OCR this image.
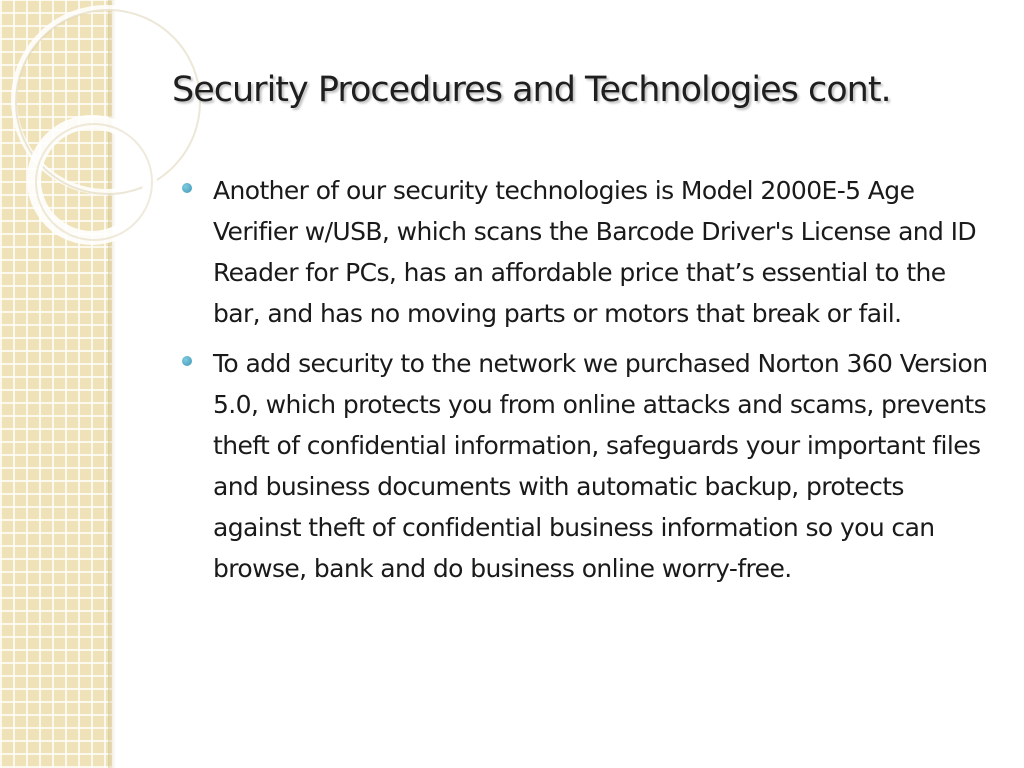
Security Procedures and Technologies cont.
Another of our security technologies is Model 2000E-5 Age Verifier w/USB, which scans the Barcode Driver's License and ID Reader for PCs, has an affordable price that’s essential to the bar, and has no moving parts or motors that break or fail.
To add security to the network we purchased Norton 360 Version 5.0, which protects you from online attacks and scams, prevents theft of confidential information, safeguards your important files and business documents with automatic backup, protects against theft of confidential business information so you can browse, bank and do business online worry-free.
